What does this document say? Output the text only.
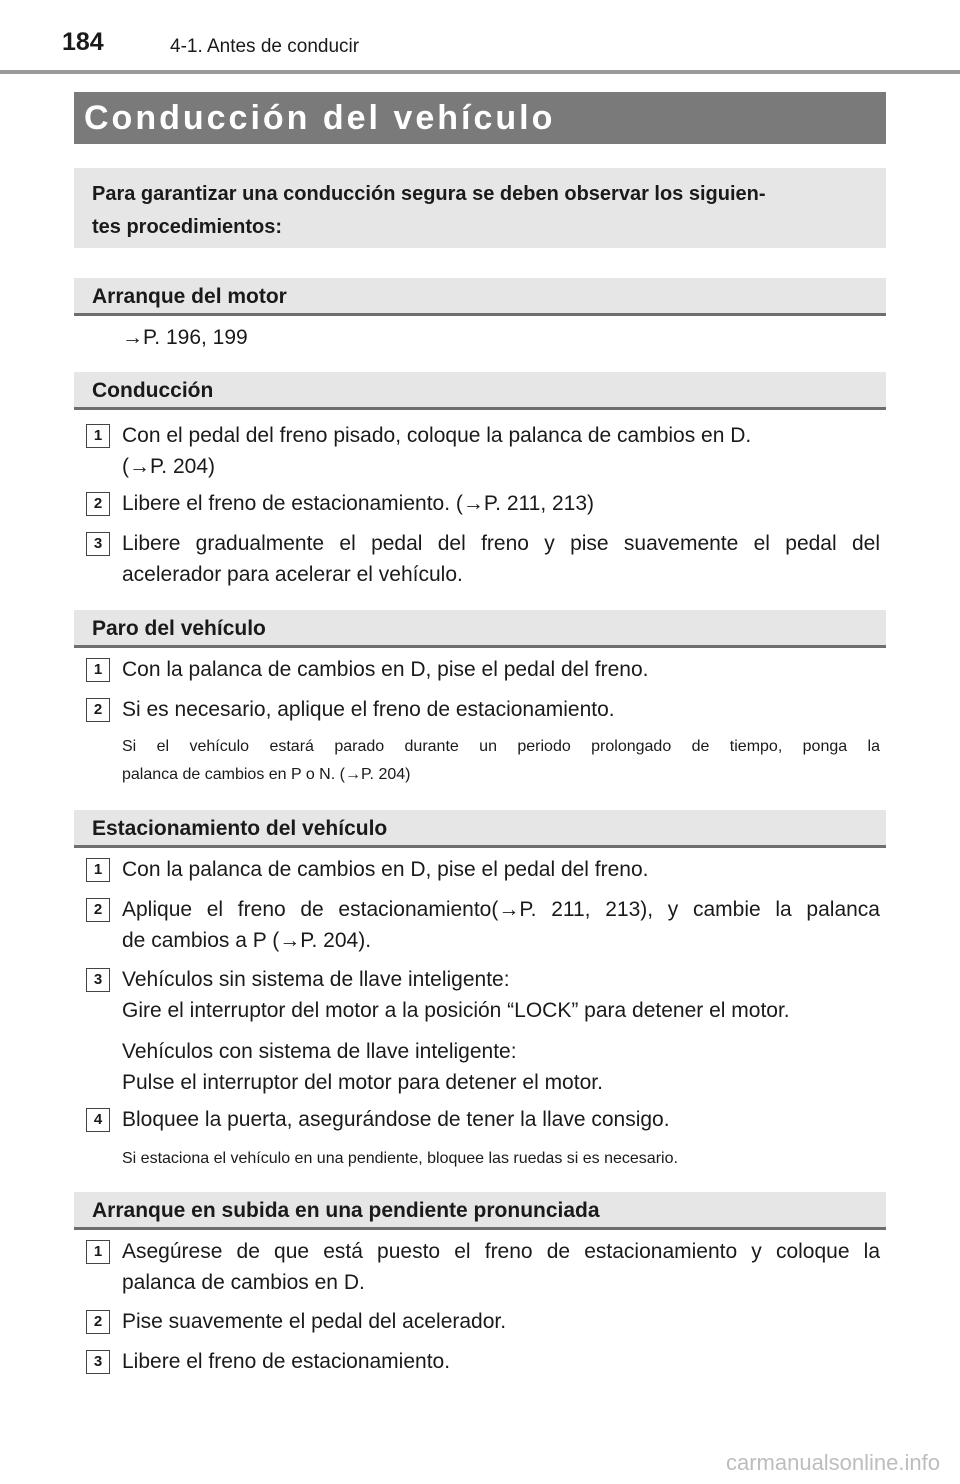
184	4-1. Antes de conducir
Conducción del vehículo
Para garantizar una conducción segura se deben observar los siguien-
tes procedimientos:
Arranque del motor
→P. 196, 199
Conducción
1 Con el pedal del freno pisado, coloque la palanca de cambios en D.
(→P. 204)
2 Libere el freno de estacionamiento. (→P. 211, 213)
3 Libere gradualmente el pedal del freno y pise suavemente el pedal del
acelerador para acelerar el vehículo.
Paro del vehículo
1 Con la palanca de cambios en D, pise el pedal del freno.
2 Si es necesario, aplique el freno de estacionamiento.
Si el vehículo estará parado durante un periodo prolongado de tiempo, ponga la
palanca de cambios en P o N. (→P. 204)
Estacionamiento del vehículo
1 Con la palanca de cambios en D, pise el pedal del freno.
2 Aplique el freno de estacionamiento(→P. 211, 213), y cambie la palanca
de cambios a P (→P. 204).
3 Vehículos sin sistema de llave inteligente:
Gire el interruptor del motor a la posición “LOCK” para detener el motor.
Vehículos con sistema de llave inteligente:
Pulse el interruptor del motor para detener el motor.
4 Bloquee la puerta, asegurándose de tener la llave consigo.
Si estaciona el vehículo en una pendiente, bloquee las ruedas si es necesario.
Arranque en subida en una pendiente pronunciada
1 Asegúrese de que está puesto el freno de estacionamiento y coloque la
palanca de cambios en D.
2 Pise suavemente el pedal del acelerador.
3 Libere el freno de estacionamiento.
carmanualsonline.info
